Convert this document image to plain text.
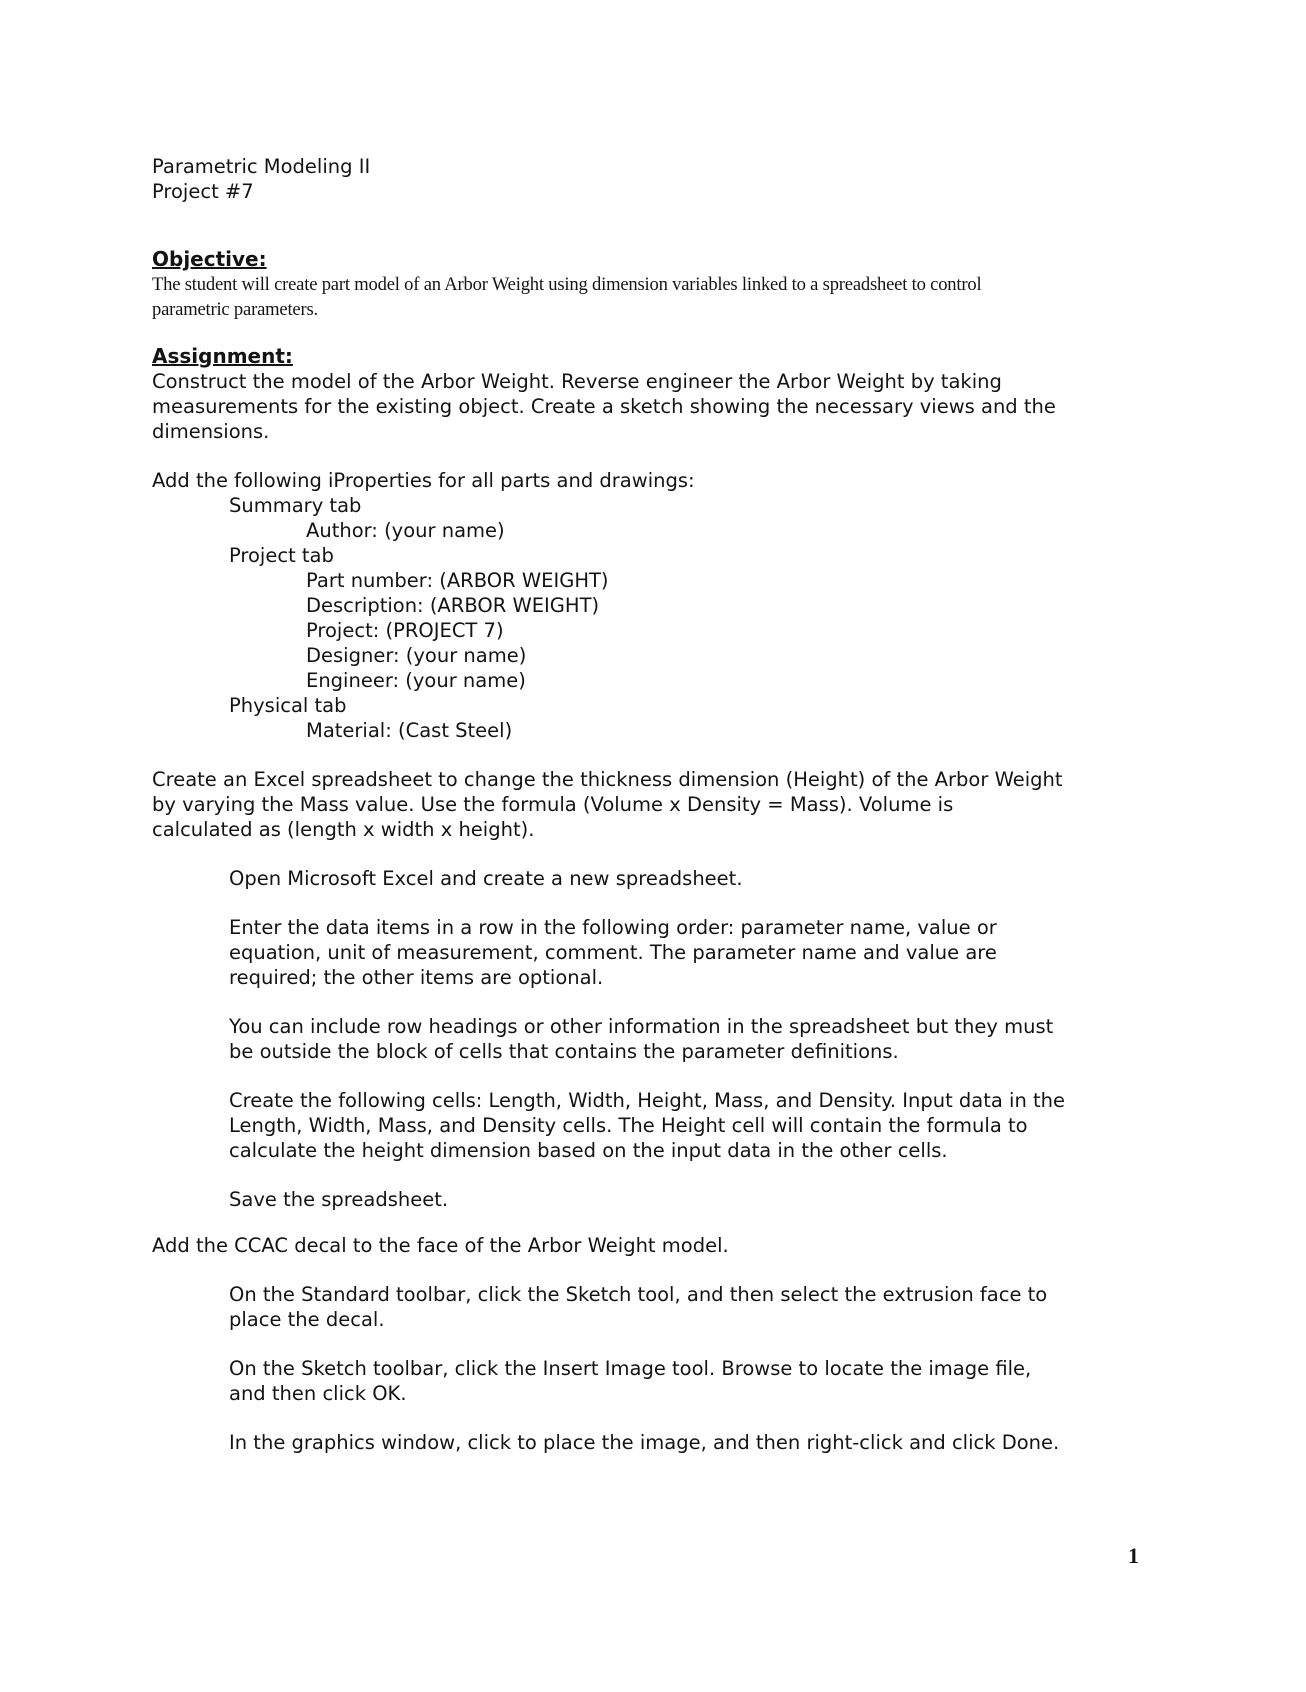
Parametric Modeling II
Project #7
Objective:
The student will create part model of an Arbor Weight using dimension variables linked to a spreadsheet to control
parametric parameters.
Assignment:
Construct the model of the Arbor Weight. Reverse engineer the Arbor Weight by taking
measurements for the existing object. Create a sketch showing the necessary views and the
dimensions.
Add the following iProperties for all parts and drawings:
Summary tab
Author: (your name)
Project tab
Part number: (ARBOR WEIGHT)
Description: (ARBOR WEIGHT)
Project: (PROJECT 7)
Designer: (your name)
Engineer: (your name)
Physical tab
Material: (Cast Steel)
Create an Excel spreadsheet to change the thickness dimension (Height) of the Arbor Weight
by varying the Mass value. Use the formula (Volume x Density = Mass). Volume is
calculated as (length x width x height).
Open Microsoft Excel and create a new spreadsheet.
Enter the data items in a row in the following order: parameter name, value or
equation, unit of measurement, comment. The parameter name and value are
required; the other items are optional.
You can include row headings or other information in the spreadsheet but they must
be outside the block of cells that contains the parameter definitions.
Create the following cells: Length, Width, Height, Mass, and Density. Input data in the
Length, Width, Mass, and Density cells. The Height cell will contain the formula to
calculate the height dimension based on the input data in the other cells.
Save the spreadsheet.
Add the CCAC decal to the face of the Arbor Weight model.
On the Standard toolbar, click the Sketch tool, and then select the extrusion face to
place the decal.
On the Sketch toolbar, click the Insert Image tool. Browse to locate the image file,
and then click OK.
In the graphics window, click to place the image, and then right-click and click Done.
1
